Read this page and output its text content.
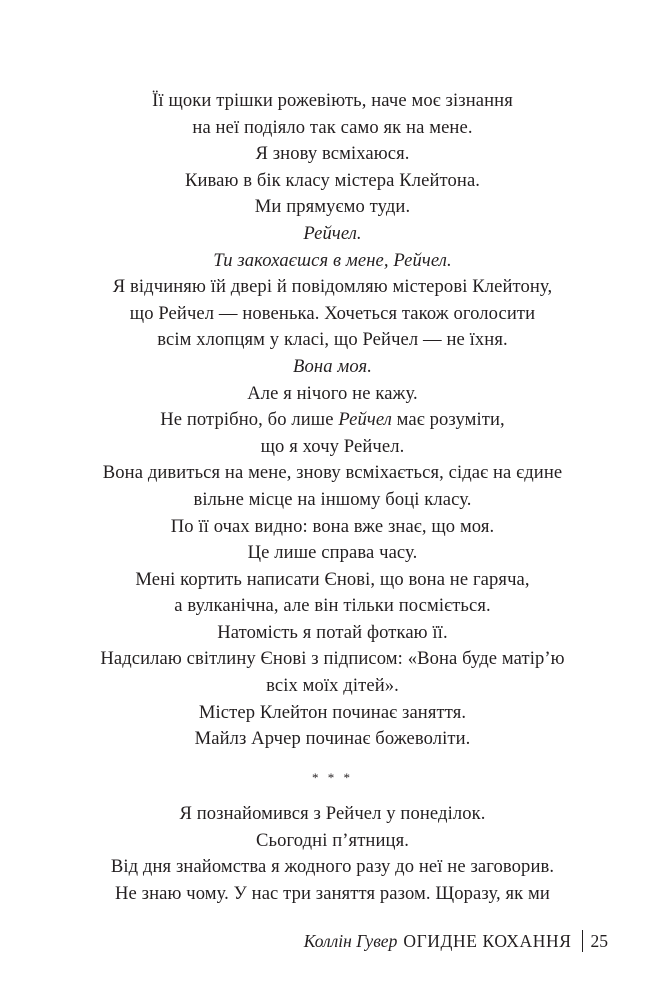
Її щоки трішки рожевіють, наче моє зізнання
на неї подіяло так само як на мене.
Я знову всміхаюся.
Киваю в бік класу містера Клейтона.
Ми прямуємо туди.
Рейчел.
Ти закохаєшся в мене, Рейчел.
Я відчиняю їй двері й повідомляю містерові Клейтону,
що Рейчел — новенька. Хочеться також оголосити
всім хлопцям у класі, що Рейчел — не їхня.
Вона моя.
Але я нічого не кажу.
Не потрібно, бо лише Рейчел має розуміти,
що я хочу Рейчел.
Вона дивиться на мене, знову всміхається, сідає на єдине
вільне місце на іншому боці класу.
По її очах видно: вона вже знає, що моя.
Це лише справа часу.
Мені кортить написати Єнові, що вона не гаряча,
а вулканічна, але він тільки посміється.
Натомість я потай фоткаю її.
Надсилаю світлину Єнові з підписом: «Вона буде матір’ю
всіх моїх дітей».
Містер Клейтон починає заняття.
Майлз Арчер починає божеволіти.
* * *
Я познайомився з Рейчел у понеділок.
Сьогодні п’ятниця.
Від дня знайомства я жодного разу до неї не заговорив.
Не знаю чому. У нас три заняття разом. Щоразу, як ми
Коллін Гувер ОГИДНЕ КОХАННЯ 25
